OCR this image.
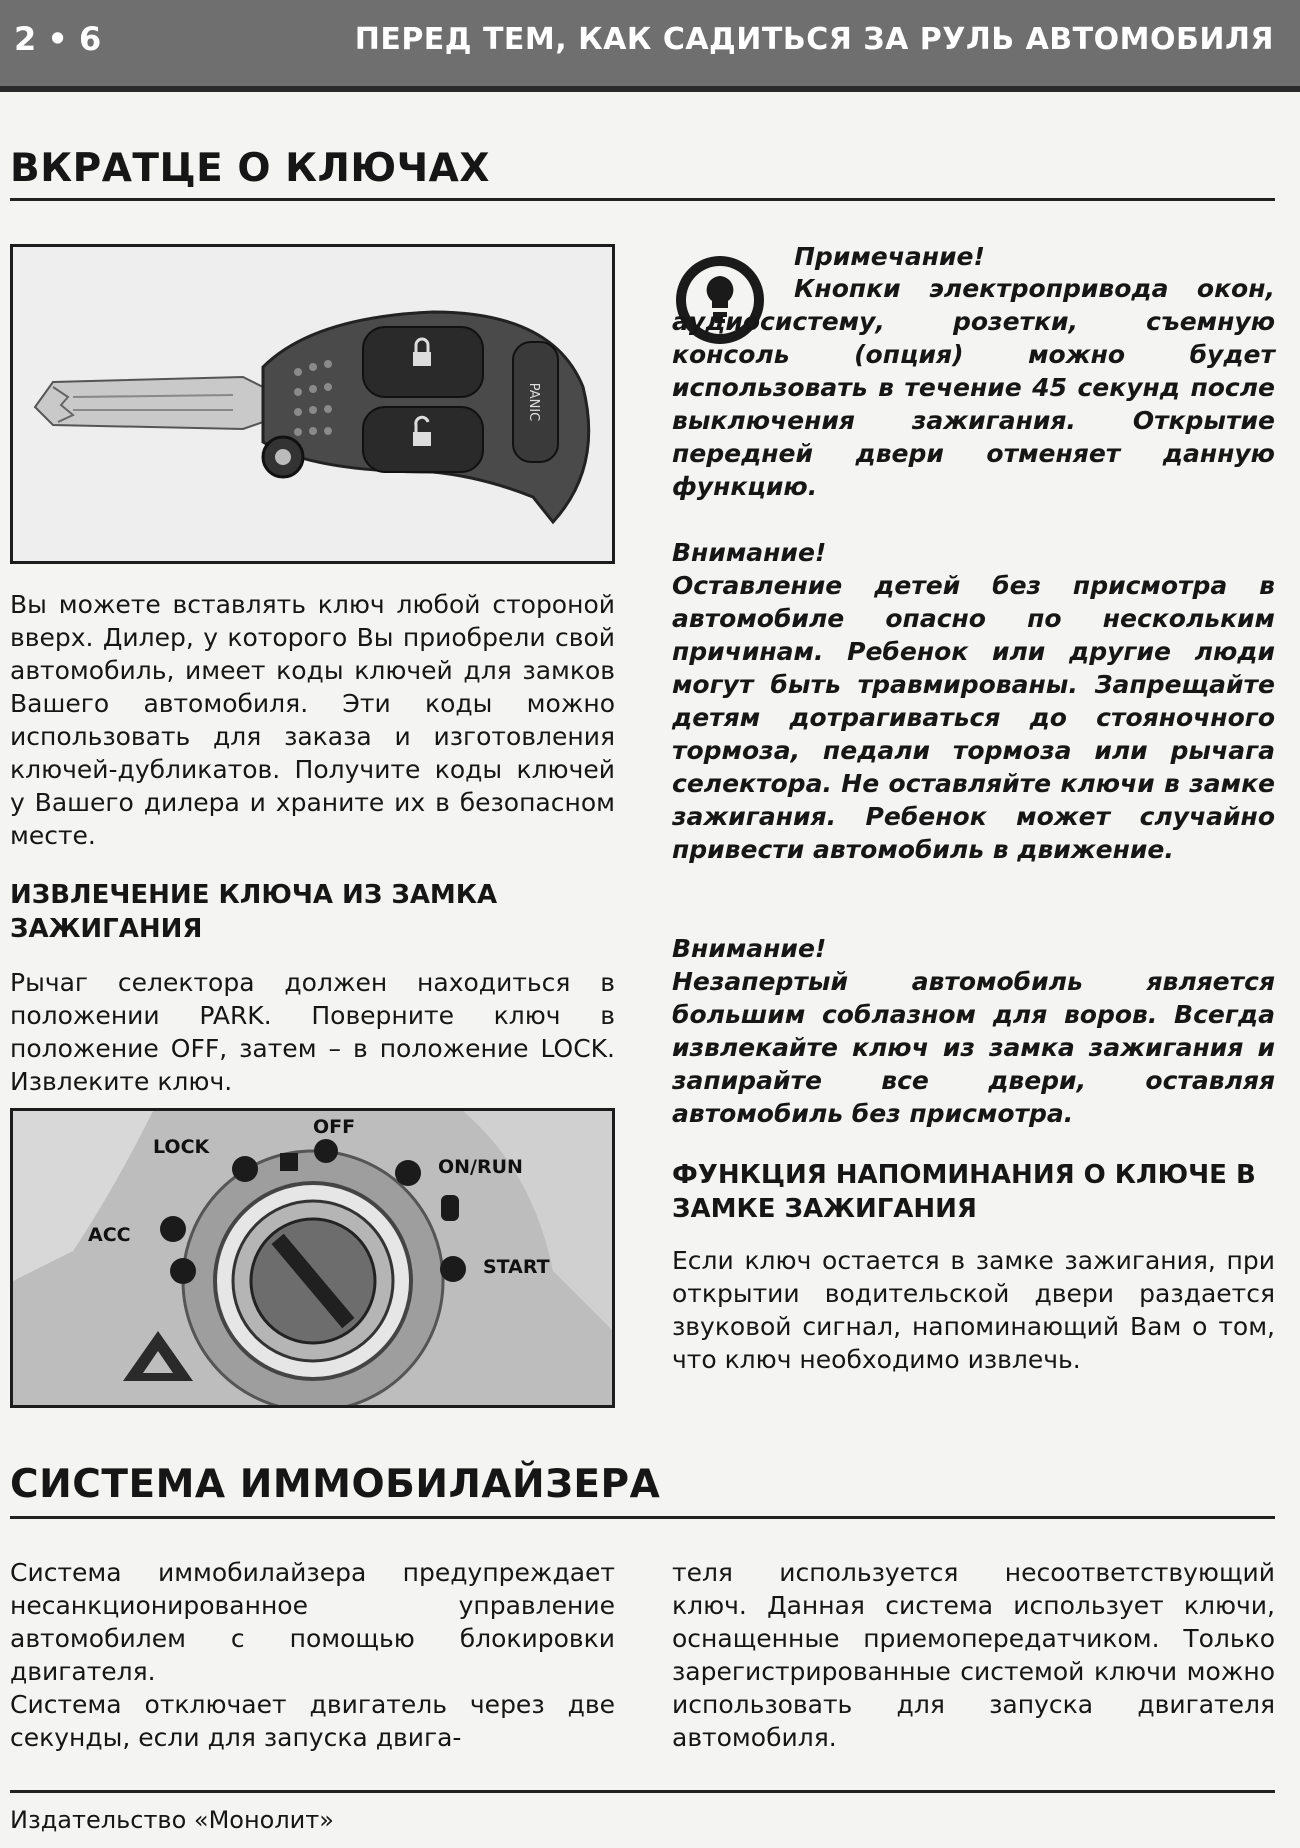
2 • 6	ПЕРЕД ТЕМ, КАК САДИТЬСЯ ЗА РУЛЬ АВТОМОБИЛЯ
ВКРАТЦЕ О КЛЮЧАХ
PANIC

Вы можете вставлять ключ любой стороной вверх. Дилер, у которого Вы приобрели свой автомобиль, имеет коды ключей для замков Вашего автомобиля. Эти коды можно использовать для заказа и изготовления ключей-дубликатов. Получите коды ключей у Вашего дилера и храните их в безопасном месте.

ИЗВЛЕЧЕНИЕ КЛЮЧА ИЗ ЗАМКА ЗАЖИГАНИЯ

Рычаг селектора должен находиться в положении PARK. Поверните ключ в положение OFF, затем – в положение LOCK. Извлеките ключ.

LOCK
OFF
ON/RUN
ACC
START
Примечание!

Кнопки электропривода окон, аудиосистему, розетки, съемную консоль (опция) можно будет использовать в течение 45 секунд после выключения зажигания. Открытие передней двери отменяет данную функцию.

Внимание!

Оставление детей без присмотра в автомобиле опасно по нескольким причинам. Ребенок или другие люди могут быть травмированы. Запрещайте детям дотрагиваться до стояночного тормоза, педали тормоза или рычага селектора. Не оставляйте ключи в замке зажигания. Ребенок может случайно привести автомобиль в движение.

Внимание!

Незапертый автомобиль является большим соблазном для воров. Всегда извлекайте ключ из замка зажигания и запирайте все двери, оставляя автомобиль без присмотра.

ФУНКЦИЯ НАПОМИНАНИЯ О КЛЮЧЕ В ЗАМКЕ ЗАЖИГАНИЯ

Если ключ остается в замке зажигания, при открытии водительской двери раздается звуковой сигнал, напоминающий Вам о том, что ключ необходимо извлечь.

СИСТЕМА ИММОБИЛАЙЗЕРА

Система иммобилайзера предупреждает несанкционированное управление автомобилем с помощью блокировки двигателя.

Система отключает двигатель через две секунды, если для запуска двига-

теля используется несоответствующий ключ. Данная система использует ключи, оснащенные приемопередатчиком. Только зарегистрированные системой ключи можно использовать для запуска двигателя автомобиля.

Издательство «Монолит»
